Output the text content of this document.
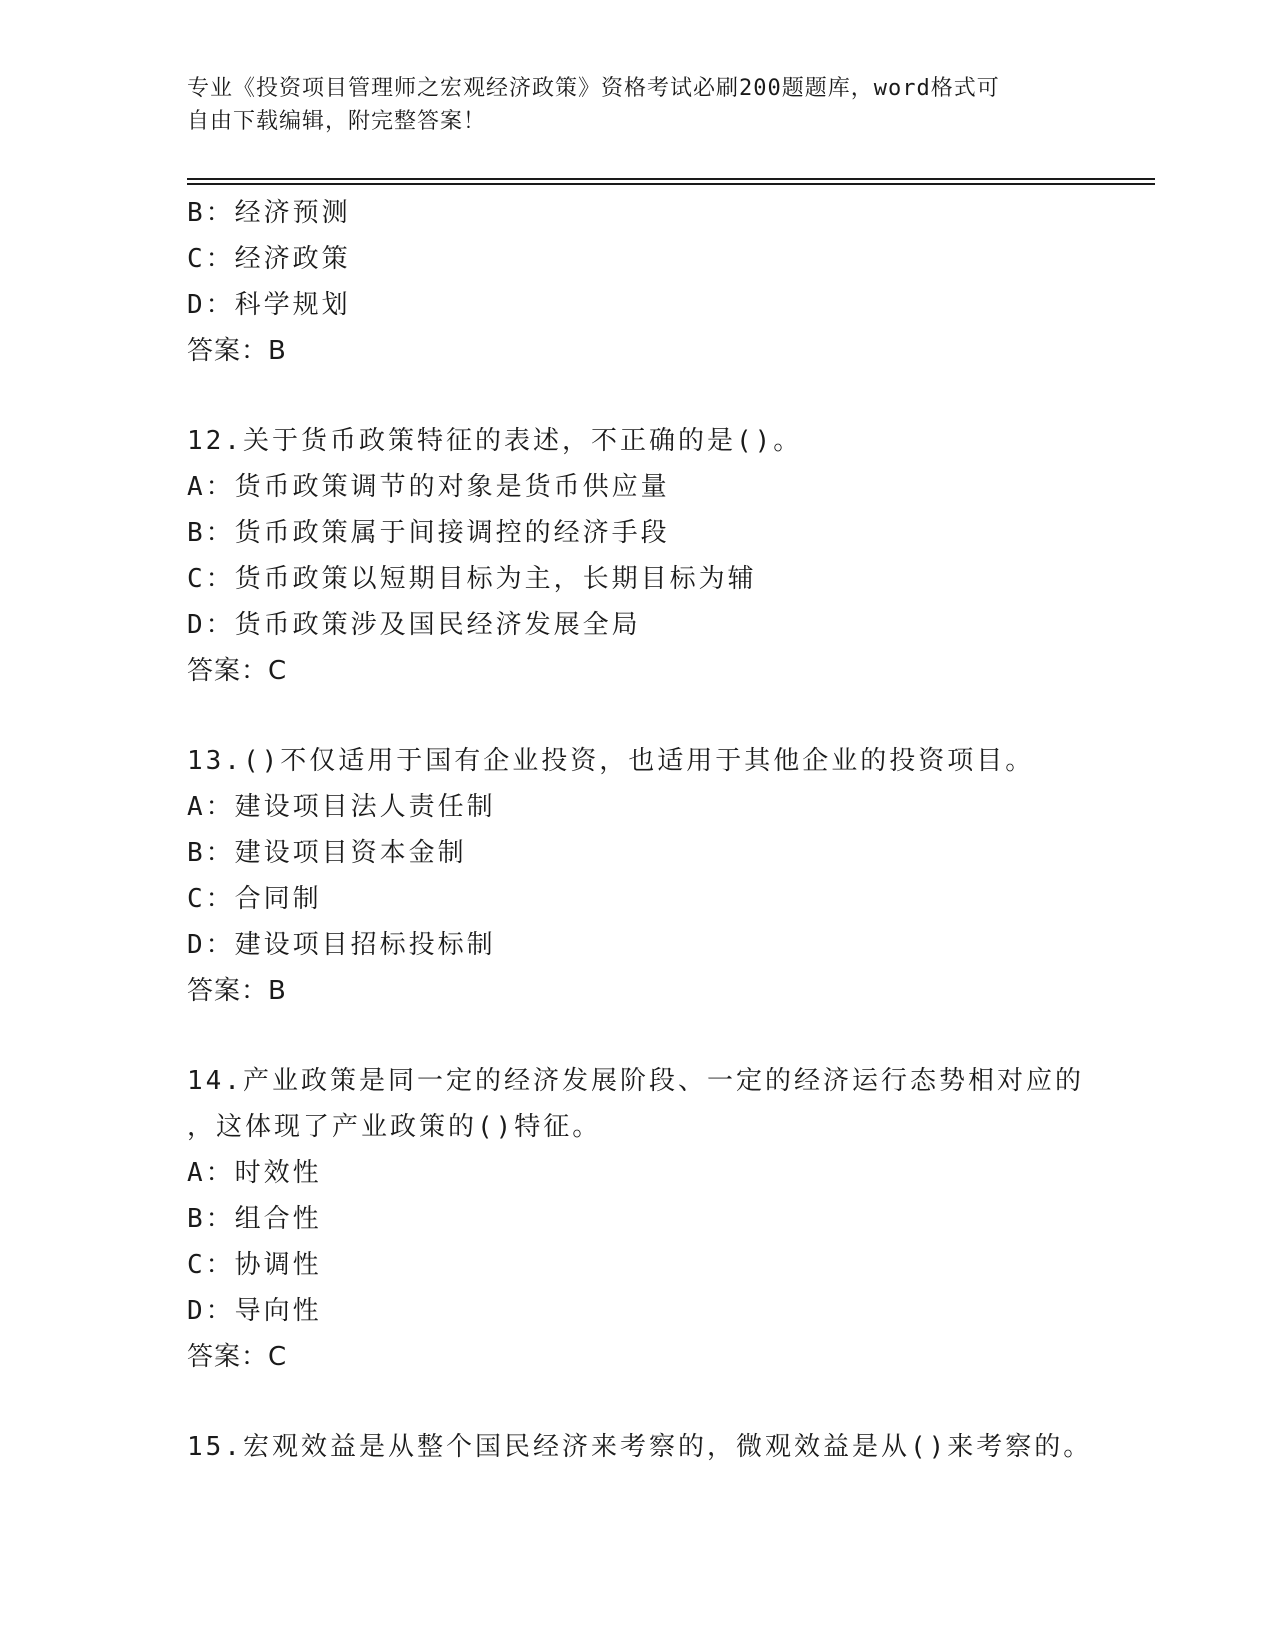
专业《投资项目管理师之宏观经济政策》资格考试必刷200题题库，word格式可
自由下载编辑，附完整答案！
B：经济预测
C：经济政策
D：科学规划
答案：B
12.关于货币政策特征的表述，不正确的是()。
A：货币政策调节的对象是货币供应量
B：货币政策属于间接调控的经济手段
C：货币政策以短期目标为主，长期目标为辅
D：货币政策涉及国民经济发展全局
答案：C
13.()不仅适用于国有企业投资，也适用于其他企业的投资项目。
A：建设项目法人责任制
B：建设项目资本金制
C：合同制
D：建设项目招标投标制
答案：B
14.产业政策是同一定的经济发展阶段、一定的经济运行态势相对应的
，这体现了产业政策的()特征。
A：时效性
B：组合性
C：协调性
D：导向性
答案：C
15.宏观效益是从整个国民经济来考察的，微观效益是从()来考察的。
